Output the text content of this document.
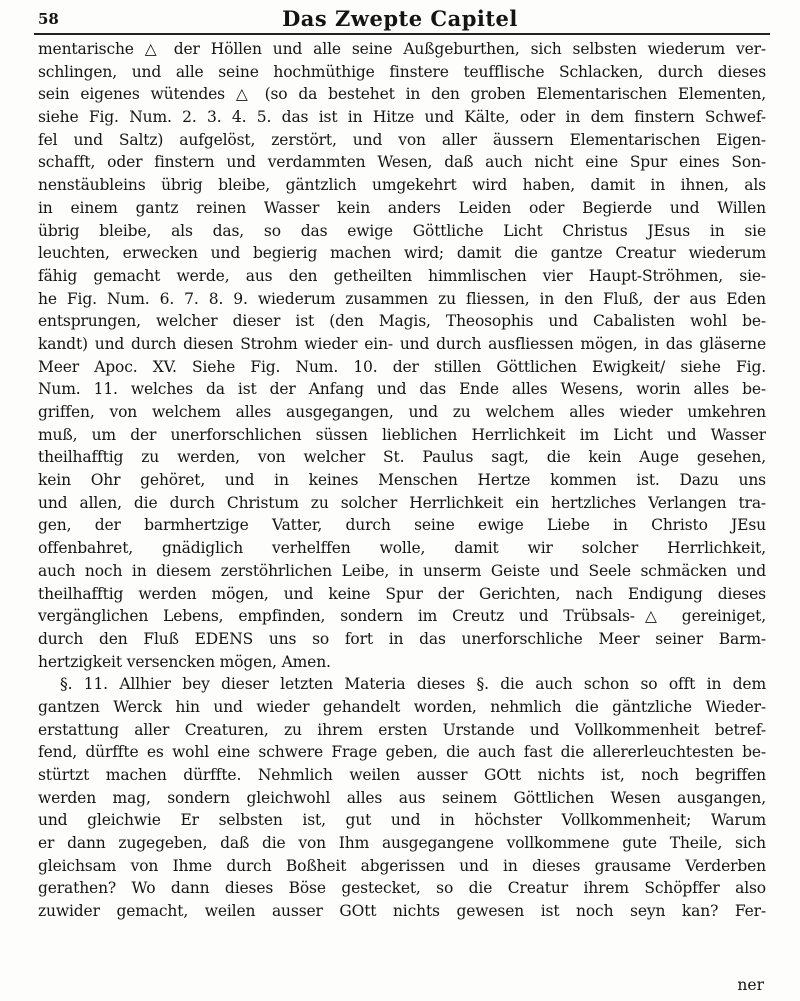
58	Das Zwepte Capitel
mentarische △ der Höllen und alle seine Außgeburthen, sich selbsten wiederum ver-
schlingen, und alle seine hochmüthige finstere teufflische Schlacken, durch dieses
sein eigenes wütendes △ (so da bestehet in den groben Elementarischen Elementen,
siehe Fig. Num. 2. 3. 4. 5. das ist in Hitze und Kälte, oder in dem finstern Schwef-
fel und Saltz) aufgelöst, zerstört, und von aller äussern Elementarischen Eigen-
schafft, oder finstern und verdammten Wesen, daß auch nicht eine Spur eines Son-
nenstäubleins übrig bleibe, gäntzlich umgekehrt wird haben, damit in ihnen, als
in einem gantz reinen Wasser kein anders Leiden oder Begierde und Willen
übrig bleibe, als das, so das ewige Göttliche Licht Christus JEsus in sie
leuchten, erwecken und begierig machen wird; damit die gantze Creatur wiederum
fähig gemacht werde, aus den getheilten himmlischen vier Haupt-Ströhmen, sie-
he Fig. Num. 6. 7. 8. 9. wiederum zusammen zu fliessen, in den Fluß, der aus Eden
entsprungen, welcher dieser ist (den Magis, Theosophis und Cabalisten wohl be-
kandt) und durch diesen Strohm wieder ein- und durch ausfliessen mögen, in das gläserne
Meer Apoc. XV. Siehe Fig. Num. 10. der stillen Göttlichen Ewigkeit/ siehe Fig.
Num. 11. welches da ist der Anfang und das Ende alles Wesens, worin alles be-
griffen, von welchem alles ausgegangen, und zu welchem alles wieder umkehren
muß, um der unerforschlichen süssen lieblichen Herrlichkeit im Licht und Wasser
theilhafftig zu werden, von welcher St. Paulus sagt, die kein Auge gesehen,
kein Ohr gehöret, und in keines Menschen Hertze kommen ist. Dazu uns
und allen, die durch Christum zu solcher Herrlichkeit ein hertzliches Verlangen tra-
gen, der barmhertzige Vatter, durch seine ewige Liebe in Christo JEsu
offenbahret, gnädiglich verhelffen wolle, damit wir solcher Herrlichkeit,
auch noch in diesem zerstöhrlichen Leibe, in unserm Geiste und Seele schmäcken und
theilhafftig werden mögen, und keine Spur der Gerichten, nach Endigung dieses
vergänglichen Lebens, empfinden, sondern im Creutz und Trübsals-△ gereiniget,
durch den Fluß EDENS uns so fort in das unerforschliche Meer seiner Barm-
hertzigkeit versencken mögen, Amen.
§. 11. Allhier bey dieser letzten Materia dieses §. die auch schon so offt in dem
gantzen Werck hin und wieder gehandelt worden, nehmlich die gäntzliche Wieder-
erstattung aller Creaturen, zu ihrem ersten Urstande und Vollkommenheit betref-
fend, dürffte es wohl eine schwere Frage geben, die auch fast die allererleuchtesten be-
stürtzt machen dürffte. Nehmlich weilen ausser GOtt nichts ist, noch begriffen
werden mag, sondern gleichwohl alles aus seinem Göttlichen Wesen ausgangen,
und gleichwie Er selbsten ist, gut und in höchster Vollkommenheit; Warum
er dann zugegeben, daß die von Ihm ausgegangene vollkommene gute Theile, sich
gleichsam von Ihme durch Boßheit abgerissen und in dieses grausame Verderben
gerathen? Wo dann dieses Böse gestecket, so die Creatur ihrem Schöpffer also
zuwider gemacht, weilen ausser GOtt nichts gewesen ist noch seyn kan? Fer-
ner
